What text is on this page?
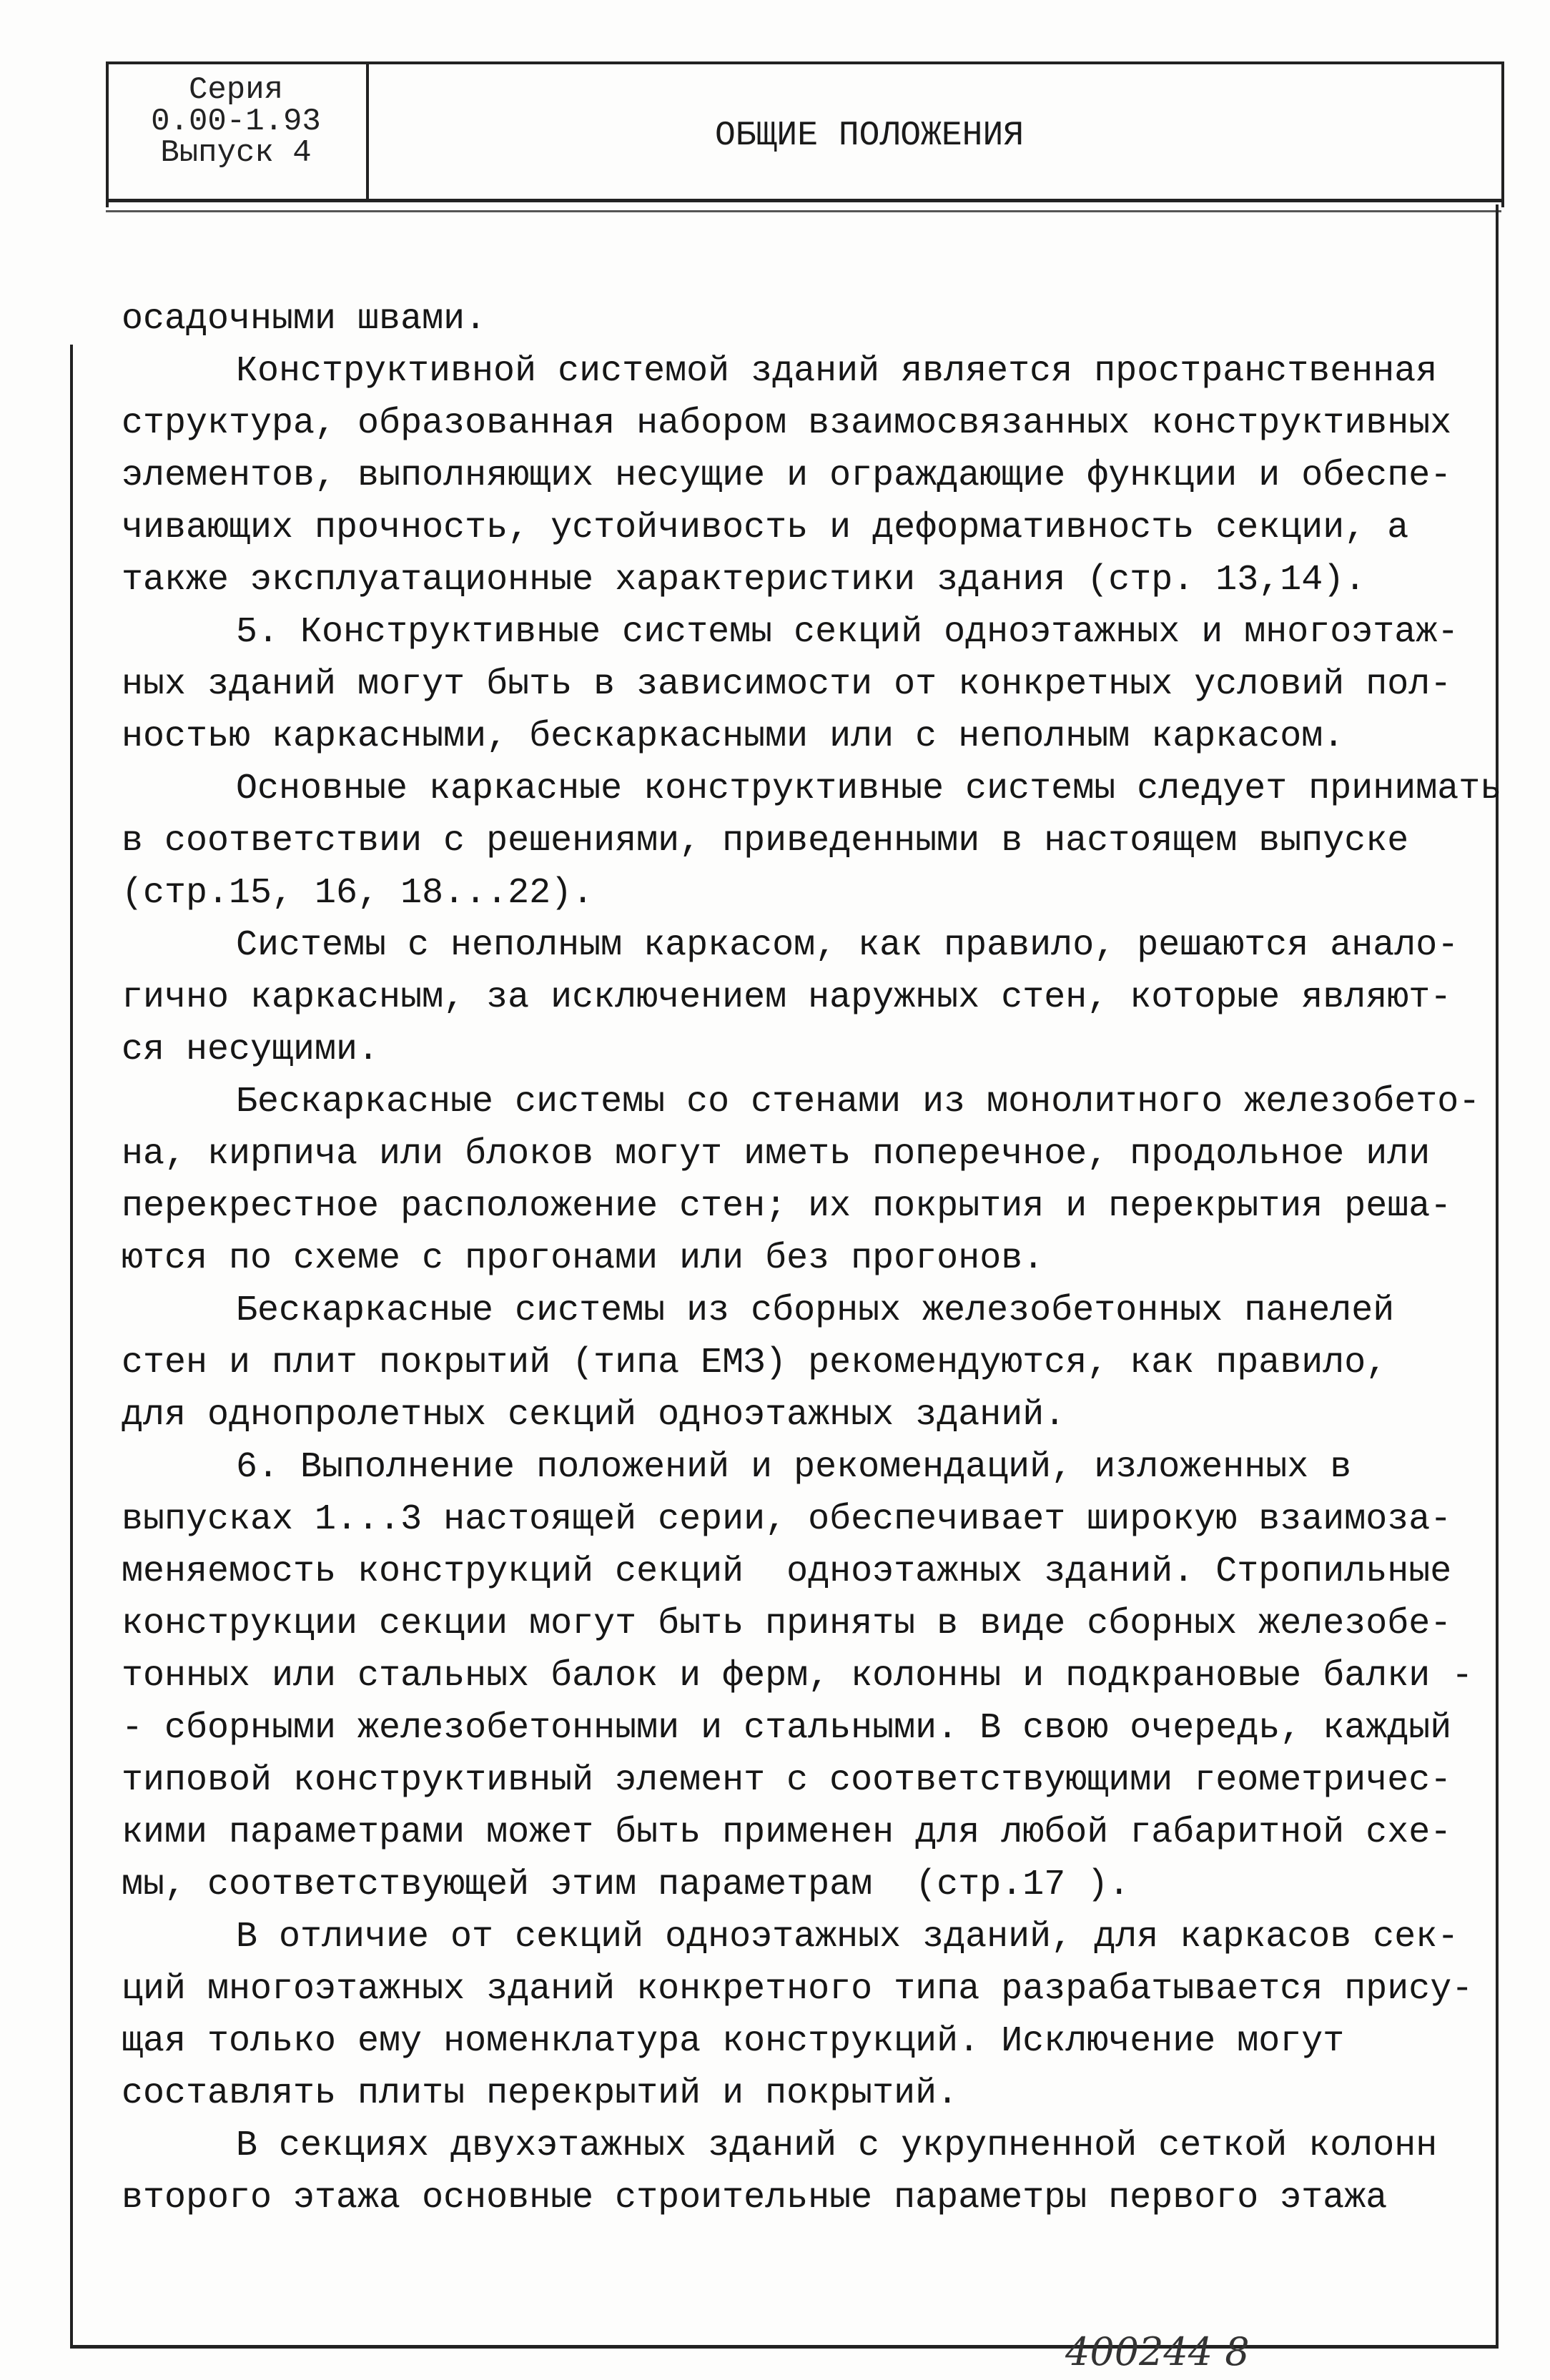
Серия
0.00-1.93
Выпуск 4	ОБЩИЕ ПОЛОЖЕНИЯ
осадочными швами.
Конструктивной системой зданий является пространственная
структура, образованная набором взаимосвязанных конструктивных
элементов, выполняющих несущие и ограждающие функции и обеспе-
чивающих прочность, устойчивость и деформативность секции, а
также эксплуатационные характеристики здания (стр. 13,14).
5. Конструктивные системы секций одноэтажных и многоэтаж-
ных зданий могут быть в зависимости от конкретных условий пол-
ностью каркасными, бескаркасными или с неполным каркасом.
Основные каркасные конструктивные системы следует принимать
в соответствии с решениями, приведенными в настоящем выпуске
(стр.15, 16, 18...22).
Системы с неполным каркасом, как правило, решаются анало-
гично каркасным, за исключением наружных стен, которые являют-
ся несущими.
Бескаркасные системы со стенами из монолитного железобето-
на, кирпича или блоков могут иметь поперечное, продольное или
перекрестное расположение стен; их покрытия и перекрытия реша-
ются по схеме с прогонами или без прогонов.
Бескаркасные системы из сборных железобетонных панелей
стен и плит покрытий (типа ЕМЗ) рекомендуются, как правило,
для однопролетных секций одноэтажных зданий.
6. Выполнение положений и рекомендаций, изложенных в
выпусках 1...3 настоящей серии, обеспечивает широкую взаимоза-
меняемость конструкций секций  одноэтажных зданий. Стропильные
конструкции секции могут быть приняты в виде сборных железобе-
тонных или стальных балок и ферм, колонны и подкрановые балки -
- сборными железобетонными и стальными. В свою очередь, каждый
типовой конструктивный элемент с соответствующими геометричес-
кими параметрами может быть применен для любой габаритной схе-
мы, соответствующей этим параметрам  (стр.17 ).
В отличие от секций одноэтажных зданий, для каркасов сек-
ций многоэтажных зданий конкретного типа разрабатывается прису-
щая только ему номенклатура конструкций. Исключение могут
составлять плиты перекрытий и покрытий.
В секциях двухэтажных зданий с укрупненной сеткой колонн
второго этажа основные строительные параметры первого этажа
400244 8
